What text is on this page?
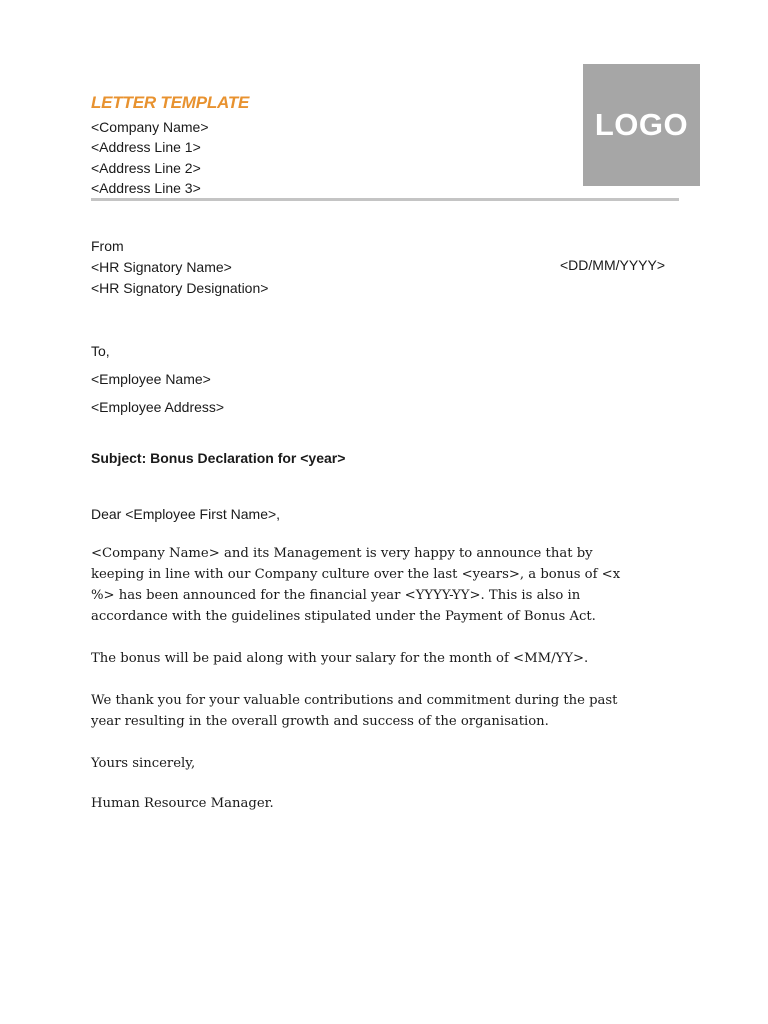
LETTER TEMPLATE
<Company Name>
<Address Line 1>
<Address Line 2>
<Address Line 3>
LOGO
From
<HR Signatory Name>
<HR Signatory Designation>
<DD/MM/YYYY>
To,
<Employee Name>
<Employee Address>
Subject: Bonus Declaration for <year>
Dear <Employee First Name>,
<Company Name> and its Management is very happy to announce that by
keeping in line with our Company culture over the last <years>, a bonus of <x
%> has been announced for the financial year <YYYY-YY>. This is also in
accordance with the guidelines stipulated under the Payment of Bonus Act.
The bonus will be paid along with your salary for the month of <MM/YY>.
We thank you for your valuable contributions and commitment during the past
year resulting in the overall growth and success of the organisation.
Yours sincerely,
Human Resource Manager.
